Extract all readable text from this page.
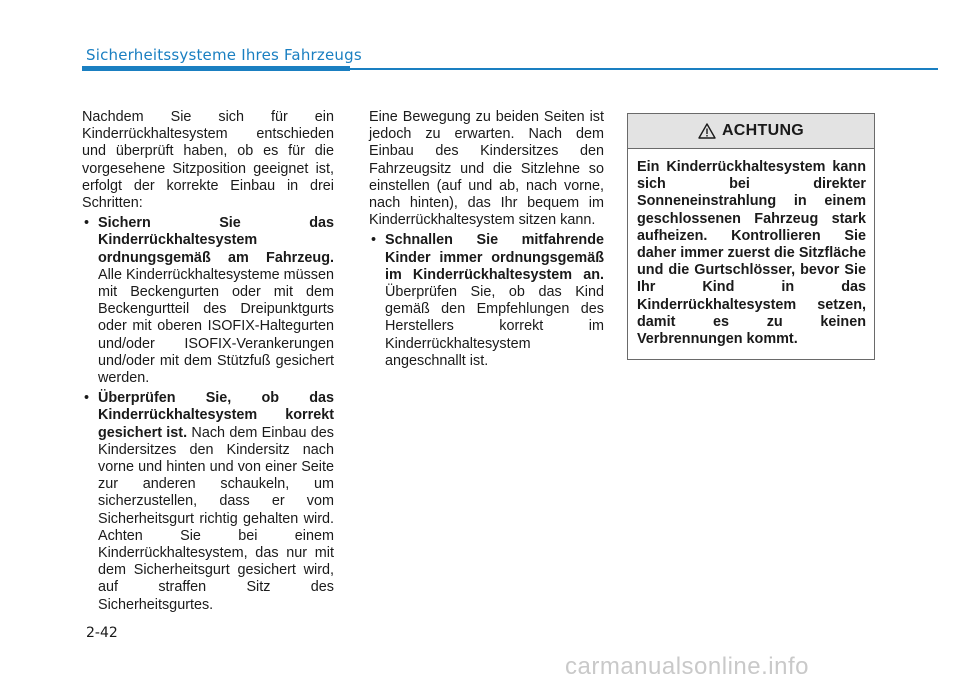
Sicherheitssysteme Ihres Fahrzeugs

Nachdem Sie sich für ein Kinderrückhaltesystem entschieden und überprüft haben, ob es für die vorgesehene Sitzposition geeignet ist, erfolgt der korrekte Einbau in drei Schritten:

• Sichern Sie das Kinderrückhaltesystem ordnungsgemäß am Fahrzeug. Alle Kinderrückhaltesysteme müssen mit Beckengurten oder mit dem Beckengurtteil des Dreipunktgurts oder mit oberen ISOFIX-Haltegurten und/oder ISOFIX-Verankerungen und/oder mit dem Stützfuß gesichert werden.
• Überprüfen Sie, ob das Kinderrückhaltesystem korrekt gesichert ist. Nach dem Einbau des Kindersitzes den Kindersitz nach vorne und hinten und von einer Seite zur anderen schaukeln, um sicherzustellen, dass er vom Sicherheitsgurt richtig gehalten wird. Achten Sie bei einem Kinderrückhaltesystem, das nur mit dem Sicherheitsgurt gesichert wird, auf straffen Sitz des Sicherheitsgurtes.

Eine Bewegung zu beiden Seiten ist jedoch zu erwarten. Nach dem Einbau des Kindersitzes den Fahrzeugsitz und die Sitzlehne so einstellen (auf und ab, nach vorne, nach hinten), das Ihr bequem im Kinderrückhaltesystem sitzen kann.

• Schnallen Sie mitfahrende Kinder immer ordnungsgemäß im Kinderrückhaltesystem an. Überprüfen Sie, ob das Kind gemäß den Empfehlungen des Herstellers korrekt im Kinderrückhaltesystem angeschnallt ist.
ACHTUNG
Ein Kinderrückhaltesystem kann sich bei direkter Sonneneinstrahlung in einem geschlossenen Fahrzeug stark aufheizen. Kontrollieren Sie daher immer zuerst die Sitzfläche und die Gurtschlösser, bevor Sie Ihr Kind in das Kinderrückhaltesystem setzen, damit es zu keinen Verbrennungen kommt.
2-42
carmanualsonline.info
